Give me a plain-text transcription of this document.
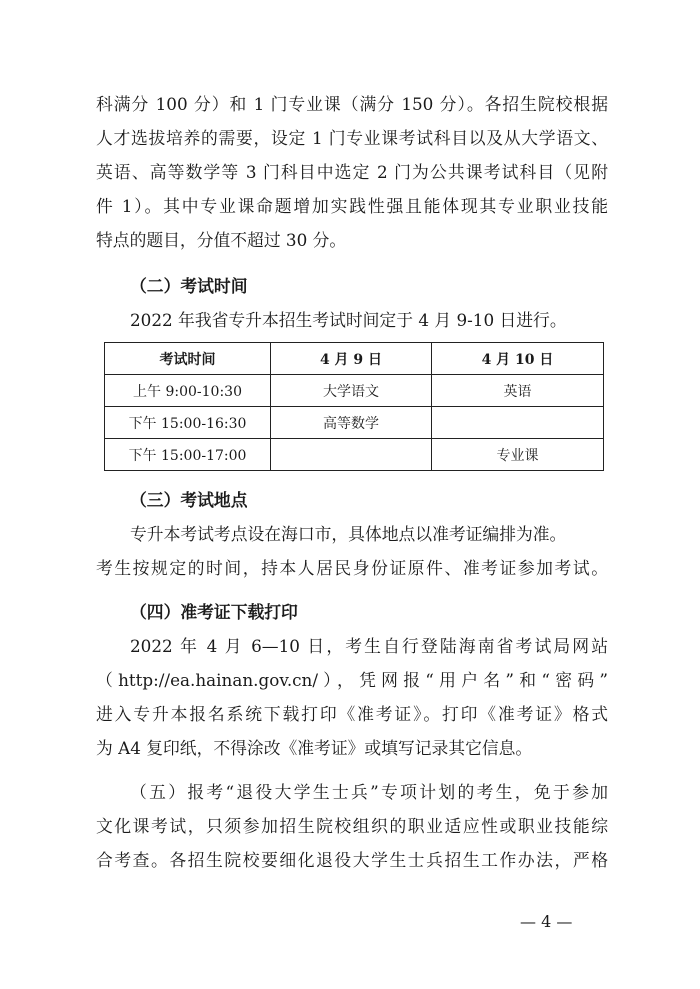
科满分 100 分）和 1 门专业课（满分 150 分）。各招生院校根据
人才选拔培养的需要，设定 1 门专业课考试科目以及从大学语文、
英语、高等数学等 3 门科目中选定 2 门为公共课考试科目（见附
件 1）。其中专业课命题增加实践性强且能体现其专业职业技能
特点的题目，分值不超过 30 分。
（二）考试时间
2022 年我省专升本招生考试时间定于 4 月 9-10 日进行。
考试时间	4 月 9 日	4 月 10 日
上午 9:00-10:30	大学语文	英语
下午 15:00-16:30	高等数学	
下午 15:00-17:00		专业课
（三）考试地点
专升本考试考点设在海口市，具体地点以准考证编排为准。
考生按规定的时间，持本人居民身份证原件、准考证参加考试。
（四）准考证下载打印
2022 年 4 月 6—10 日，考生自行登陆海南省考试局网站
（http://ea.hainan.gov.cn/），凭网报“用户名”和“密码”
进入专升本报名系统下载打印《准考证》。打印《准考证》格式
为 A4 复印纸，不得涂改《准考证》或填写记录其它信息。
（五）报考“退役大学生士兵”专项计划的考生，免于参加
文化课考试，只须参加招生院校组织的职业适应性或职业技能综
合考查。各招生院校要细化退役大学生士兵招生工作办法，严格
— 4 —
